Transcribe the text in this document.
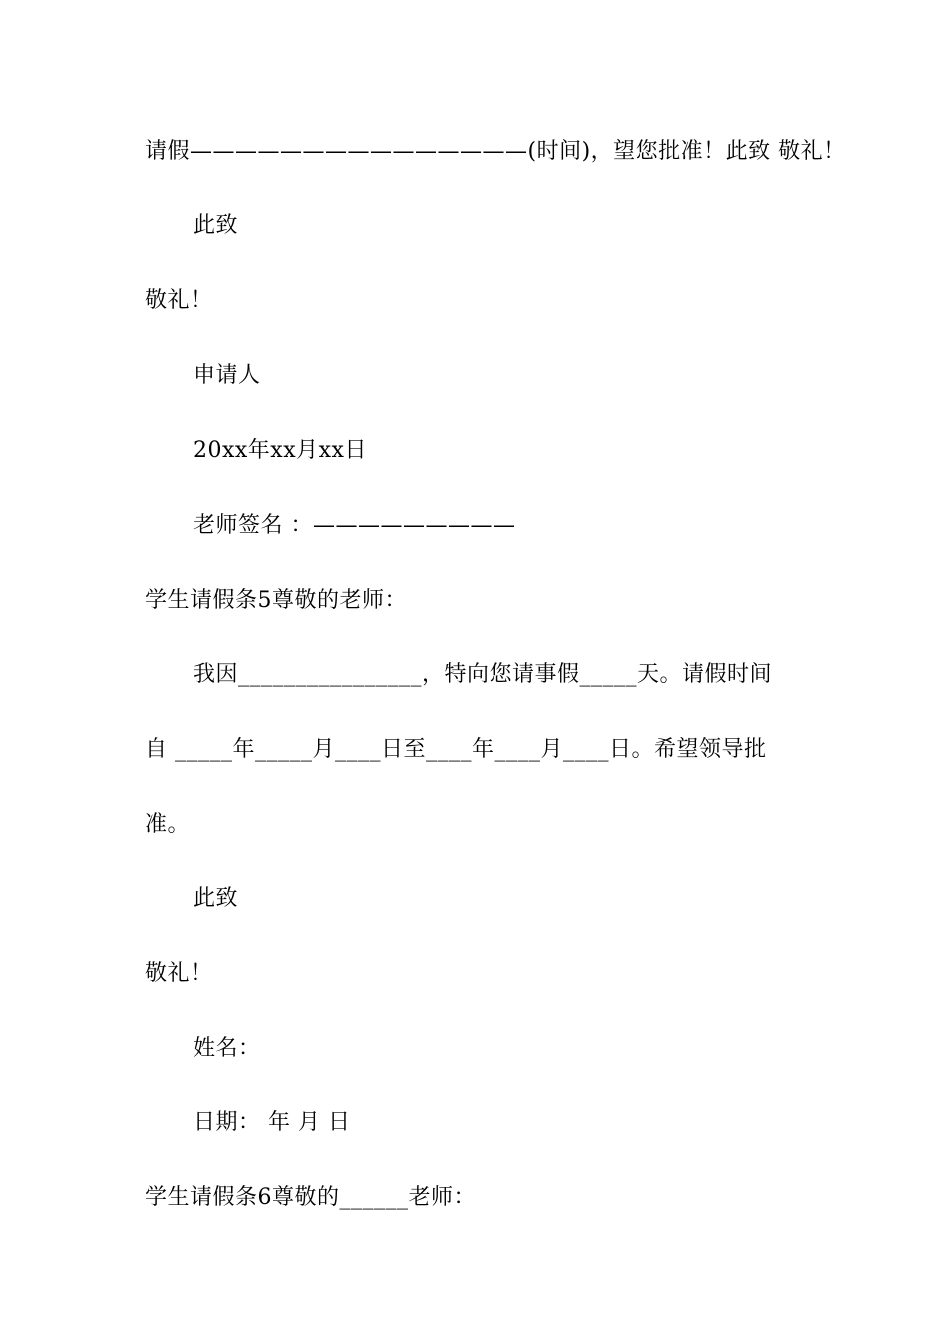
请假———————————————(时间)，望您批准！此致 敬礼！
此致
敬礼！
申请人
20xx年xx月xx日
老师签名 ：—————————
学生请假条5尊敬的老师：
我因________________，特向您请事假_____天。请假时间
自 _____年_____月____日至____年____月____日。希望领导批
准。
此致
敬礼！
姓名：
日期： 年 月 日
学生请假条6尊敬的______老师：
